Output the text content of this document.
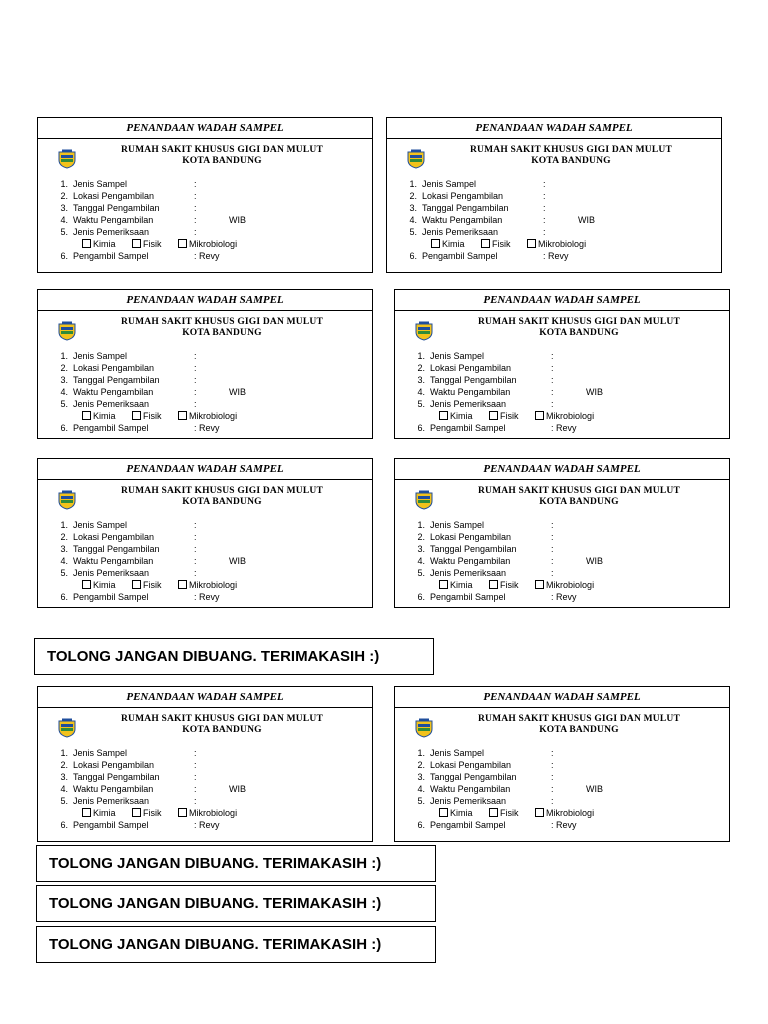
PENANDAAN WADAH SAMPEL
RUMAH SAKIT KHUSUS GIGI DAN MULUT
KOTA BANDUNG
1. Jenis Sampel	:
2. Lokasi Pengambilan	:
3. Tanggal Pengambilan	:
4. Waktu Pengambilan	:	WIB
5. Jenis Pemeriksaan	:
Kimia	Fisik	Mikrobiologi
6. Pengambil Sampel	: Revy
PENANDAAN WADAH SAMPEL
RUMAH SAKIT KHUSUS GIGI DAN MULUT
KOTA BANDUNG
1. Jenis Sampel	:
2. Lokasi Pengambilan	:
3. Tanggal Pengambilan	:
4. Waktu Pengambilan	:	WIB
5. Jenis Pemeriksaan	:
Kimia	Fisik	Mikrobiologi
6. Pengambil Sampel	: Revy
PENANDAAN WADAH SAMPEL
RUMAH SAKIT KHUSUS GIGI DAN MULUT
KOTA BANDUNG
1. Jenis Sampel	:
2. Lokasi Pengambilan	:
3. Tanggal Pengambilan	:
4. Waktu Pengambilan	:	WIB
5. Jenis Pemeriksaan	:
Kimia	Fisik	Mikrobiologi
6. Pengambil Sampel	: Revy
PENANDAAN WADAH SAMPEL
RUMAH SAKIT KHUSUS GIGI DAN MULUT
KOTA BANDUNG
1. Jenis Sampel	:
2. Lokasi Pengambilan	:
3. Tanggal Pengambilan	:
4. Waktu Pengambilan	:	WIB
5. Jenis Pemeriksaan	:
Kimia	Fisik	Mikrobiologi
6. Pengambil Sampel	: Revy
PENANDAAN WADAH SAMPEL
RUMAH SAKIT KHUSUS GIGI DAN MULUT
KOTA BANDUNG
1. Jenis Sampel	:
2. Lokasi Pengambilan	:
3. Tanggal Pengambilan	:
4. Waktu Pengambilan	:	WIB
5. Jenis Pemeriksaan	:
Kimia	Fisik	Mikrobiologi
6. Pengambil Sampel	: Revy
PENANDAAN WADAH SAMPEL
RUMAH SAKIT KHUSUS GIGI DAN MULUT
KOTA BANDUNG
1. Jenis Sampel	:
2. Lokasi Pengambilan	:
3. Tanggal Pengambilan	:
4. Waktu Pengambilan	:	WIB
5. Jenis Pemeriksaan	:
Kimia	Fisik	Mikrobiologi
6. Pengambil Sampel	: Revy
TOLONG JANGAN DIBUANG. TERIMAKASIH :)
PENANDAAN WADAH SAMPEL
RUMAH SAKIT KHUSUS GIGI DAN MULUT
KOTA BANDUNG
1. Jenis Sampel	:
2. Lokasi Pengambilan	:
3. Tanggal Pengambilan	:
4. Waktu Pengambilan	:	WIB
5. Jenis Pemeriksaan	:
Kimia	Fisik	Mikrobiologi
6. Pengambil Sampel	: Revy
PENANDAAN WADAH SAMPEL
RUMAH SAKIT KHUSUS GIGI DAN MULUT
KOTA BANDUNG
1. Jenis Sampel	:
2. Lokasi Pengambilan	:
3. Tanggal Pengambilan	:
4. Waktu Pengambilan	:	WIB
5. Jenis Pemeriksaan	:
Kimia	Fisik	Mikrobiologi
6. Pengambil Sampel	: Revy
TOLONG JANGAN DIBUANG. TERIMAKASIH :)
TOLONG JANGAN DIBUANG. TERIMAKASIH :)
TOLONG JANGAN DIBUANG. TERIMAKASIH :)
